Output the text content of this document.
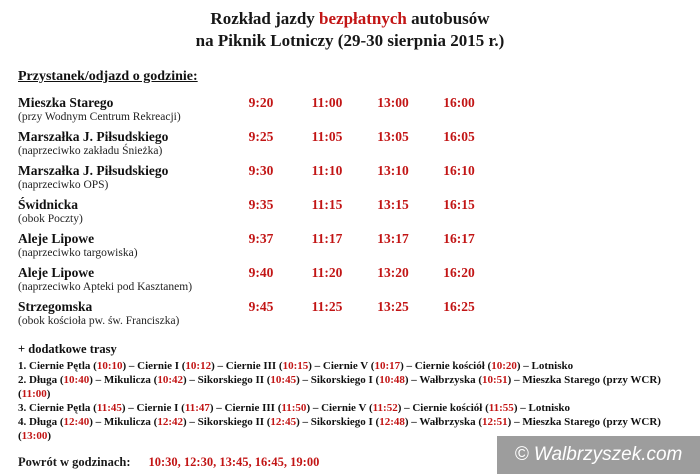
Rozkład jazdy bezpłatnych autobusów
na Piknik Lotniczy (29-30 sierpnia 2015 r.)
Przystanek/odjazd o godzinie:
Mieszka Starego
(przy Wodnym Centrum Rekreacji)
9:20	11:00	13:00	16:00
Marszałka J. Piłsudskiego
(naprzeciwko zakładu Śnieżka)
9:25	11:05	13:05	16:05
Marszałka J. Piłsudskiego
(naprzeciwko OPS)
9:30	11:10	13:10	16:10
Świdnicka
(obok Poczty)
9:35	11:15	13:15	16:15
Aleje Lipowe
(naprzeciwko targowiska)
9:37	11:17	13:17	16:17
Aleje Lipowe
(naprzeciwko Apteki pod Kasztanem)
9:40	11:20	13:20	16:20
Strzegomska
(obok kościoła pw. św. Franciszka)
9:45	11:25	13:25	16:25
+ dodatkowe trasy
1. Ciernie Pętla (10:10) – Ciernie I (10:12) – Ciernie III (10:15) – Ciernie V (10:17) – Ciernie kościół (10:20) – Lotnisko
2. Długa (10:40) – Mikulicza (10:42) – Sikorskiego II (10:45) – Sikorskiego I (10:48) – Wałbrzyska (10:51) – Mieszka Starego (przy WCR)
(11:00)
3. Ciernie Pętla (11:45) – Ciernie I (11:47) – Ciernie III (11:50) – Ciernie V (11:52) – Ciernie kościół (11:55) – Lotnisko
4. Długa (12:40) – Mikulicza (12:42) – Sikorskiego II (12:45) – Sikorskiego I (12:48) – Wałbrzyska (12:51) – Mieszka Starego (przy WCR)
(13:00)
Powrót w godzinach: 10:30, 12:30, 13:45, 16:45, 19:00	© Walbrzyszek.com
